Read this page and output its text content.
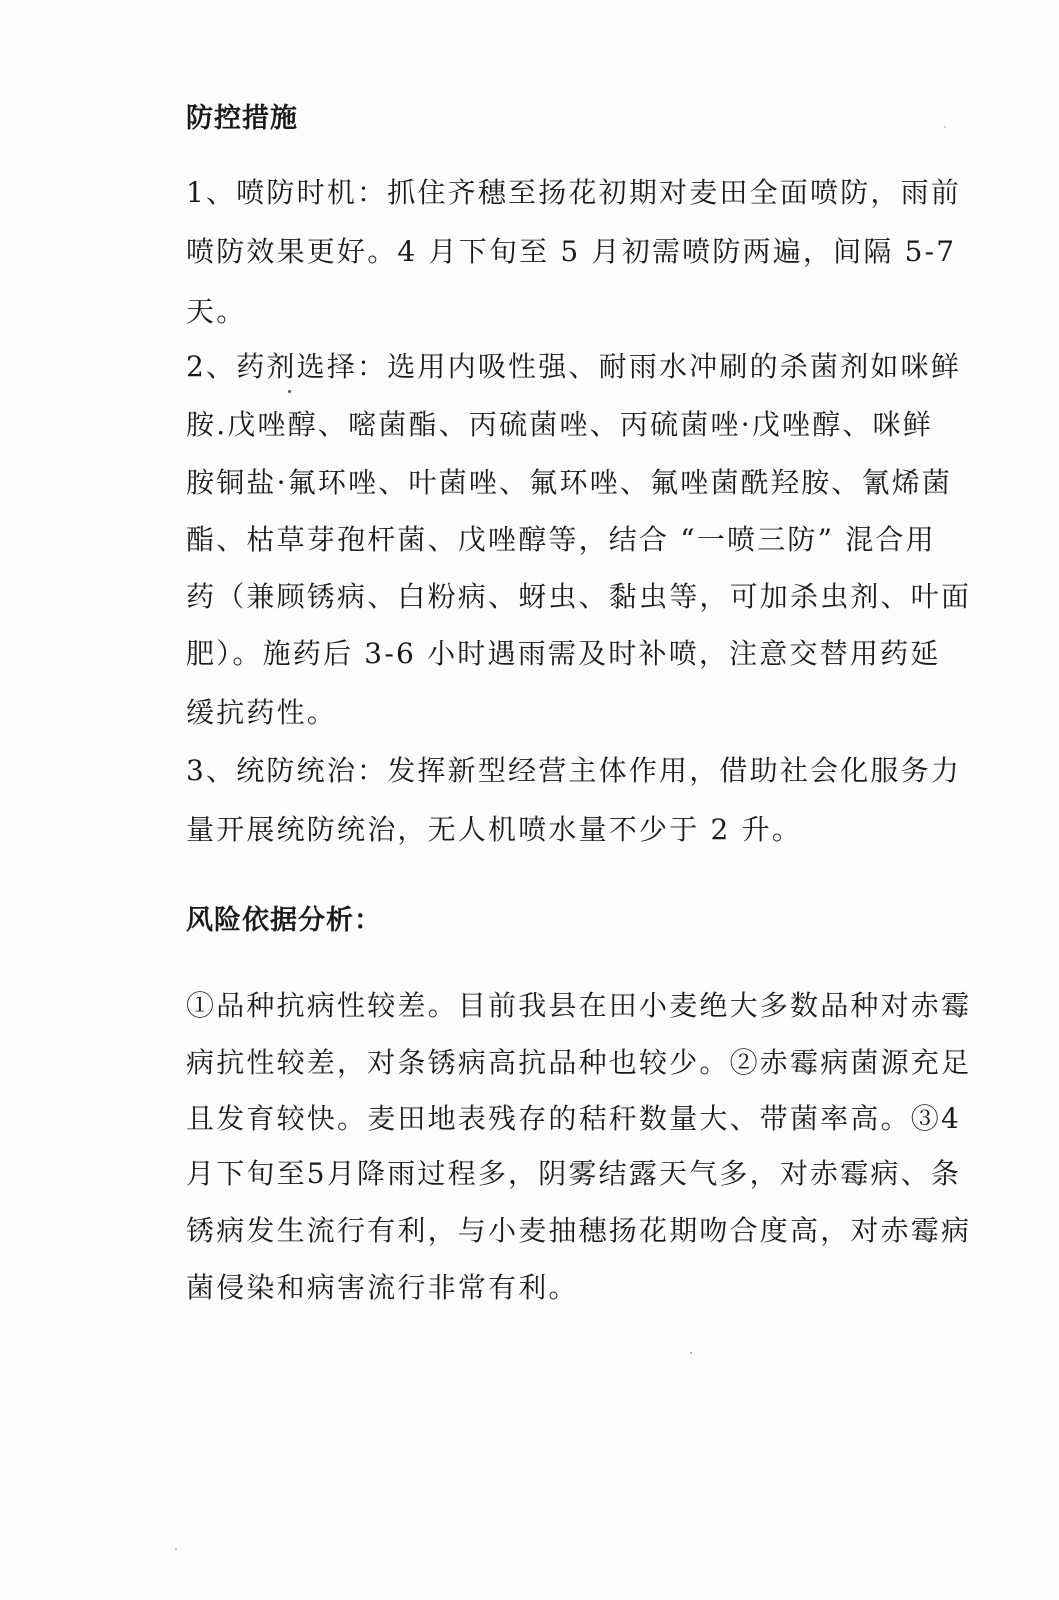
防控措施
1、喷防时机：抓住齐穗至扬花初期对麦田全面喷防，雨前
喷防效果更好。4 月下旬至 5 月初需喷防两遍，间隔 5-7
天。
2、药剂选择：选用内吸性强、耐雨水冲刷的杀菌剂如咪鲜
胺.戊唑醇、嘧菌酯、丙硫菌唑、丙硫菌唑·戊唑醇、咪鲜
胺铜盐·氟环唑、叶菌唑、氟环唑、氟唑菌酰羟胺、氰烯菌
酯、枯草芽孢杆菌、戊唑醇等，结合 “一喷三防” 混合用
药（兼顾锈病、白粉病、蚜虫、黏虫等，可加杀虫剂、叶面
肥）。施药后 3-6 小时遇雨需及时补喷，注意交替用药延
缓抗药性。
3、统防统治：发挥新型经营主体作用，借助社会化服务力
量开展统防统治，无人机喷水量不少于 2 升。
风险依据分析：
①品种抗病性较差。目前我县在田小麦绝大多数品种对赤霉
病抗性较差，对条锈病高抗品种也较少。②赤霉病菌源充足
且发育较快。麦田地表残存的秸秆数量大、带菌率高。③4
月下旬至5月降雨过程多，阴雾结露天气多，对赤霉病、条
锈病发生流行有利，与小麦抽穗扬花期吻合度高，对赤霉病
菌侵染和病害流行非常有利。
